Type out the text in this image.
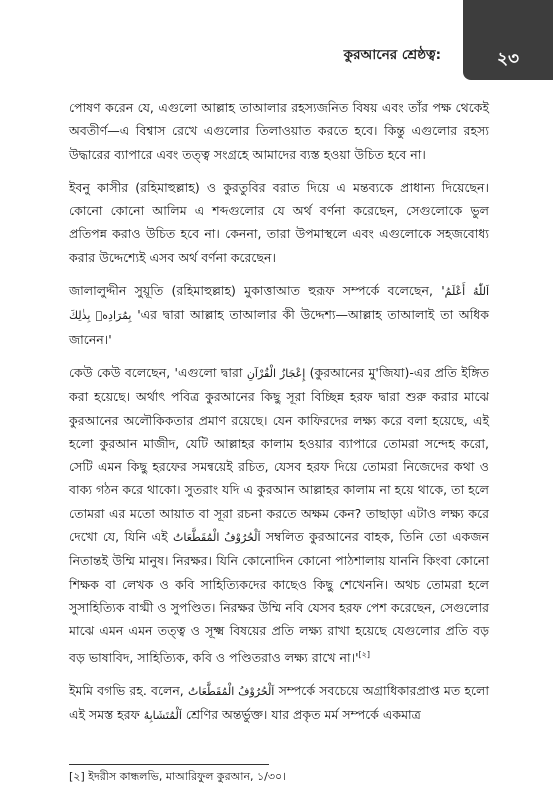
কুরআনের শ্রেষ্ঠত্ব:	২৩

পোষণ করেন যে, এগুলো আল্লাহ তাআলার রহস্যজনিত বিষয় এবং তাঁর পক্ষ থেকেই অবতীর্ণ—এ বিশ্বাস রেখে এগুলোর তিলাওয়াত করতে হবে। কিন্তু এগুলোর রহস্য উদ্ধারের ব্যাপারে এবং তত্ত্ব সংগ্রহে আমাদের ব্যস্ত হওয়া উচিত হবে না।

ইবনু কাসীর (রহিমাহুল্লাহ) ও কুরতুবির বরাত দিয়ে এ মন্তব্যকে প্রাধান্য দিয়েছেন। কোনো কোনো আলিম এ শব্দগুলোর যে অর্থ বর্ণনা করেছেন, সেগুলোকে ভুল প্রতিপন্ন করাও উচিত হবে না। কেননা, তারা উপমাস্থলে এবং এগুলোকে সহজবোধ্য করার উদ্দেশ্যেই এসব অর্থ বর্ণনা করেছেন।

জালালুদ্দীন সুয়ূতি (রহিমাহুল্লাহ) মুকাত্তাআত হুরূফ সম্পর্কে বলেছেন, 'اَللّٰهُ أَعْلَمُ بِمُرَادِهٖ بِذٰلِكَ 'এর দ্বারা আল্লাহ তাআলার কী উদ্দেশ্য—আল্লাহ তাআলাই তা অধিক জানেন।'

কেউ কেউ বলেছেন, 'এগুলো দ্বারা إِعْجَازُ الْقُرْآنِ (কুরআনের মু'জিযা)-এর প্রতি ইঙ্গিত করা হয়েছে। অর্থাৎ পবিত্র কুরআনের কিছু সূরা বিচ্ছিন্ন হরফ দ্বারা শুরু করার মাঝে কুরআনের অলৌকিকতার প্রমাণ রয়েছে। যেন কাফিরদের লক্ষ্য করে বলা হয়েছে, এই হলো কুরআন মাজীদ, যেটি আল্লাহর কালাম হওয়ার ব্যাপারে তোমরা সন্দেহ করো, সেটি এমন কিছু হরফের সমন্বয়েই রচিত, যেসব হরফ দিয়ে তোমরা নিজেদের কথা ও বাক্য গঠন করে থাকো। সুতরাং যদি এ কুরআন আল্লাহর কালাম না হয়ে থাকে, তা হলে তোমরা এর মতো আয়াত বা সূরা রচনা করতে অক্ষম কেন? তাছাড়া এটাও লক্ষ্য করে দেখো যে, যিনি এই اَلْحُرُوْفُ الْمُقَطَّعَاتُ সম্বলিত কুরআনের বাহক, তিনি তো একজন নিতান্তই উম্মি মানুষ। নিরক্ষর। যিনি কোনোদিন কোনো পাঠশালায় যাননি কিংবা কোনো শিক্ষক বা লেখক ও কবি সাহিত্যিকদের কাছেও কিছু শেখেননি। অথচ তোমরা হলে সুসাহিত্যিক বাগ্মী ও সুপণ্ডিত। নিরক্ষর উম্মি নবি যেসব হরফ পেশ করেছেন, সেগুলোর মাঝে এমন এমন তত্ত্ব ও সূক্ষ্ম বিষয়ের প্রতি লক্ষ্য রাখা হয়েছে যেগুলোর প্রতি বড় বড় ভাষাবিদ, সাহিত্যিক, কবি ও পণ্ডিতরাও লক্ষ্য রাখে না।'[২]

ইমমি বগভি রহ. বলেন, اَلْحُرُوْفُ الْمُقَطَّعَاتُ সম্পর্কে সবচেয়ে অগ্রাধিকারপ্রাপ্ত মত হলো এই সমস্ত হরফ اَلْمُتَشَابِهُ শ্রেণির অন্তর্ভুক্ত। যার প্রকৃত মর্ম সম্পর্কে একমাত্র

[২] ইদরীস কান্ধলভি, মাআরিফুল কুরআন, ১/৩০।
